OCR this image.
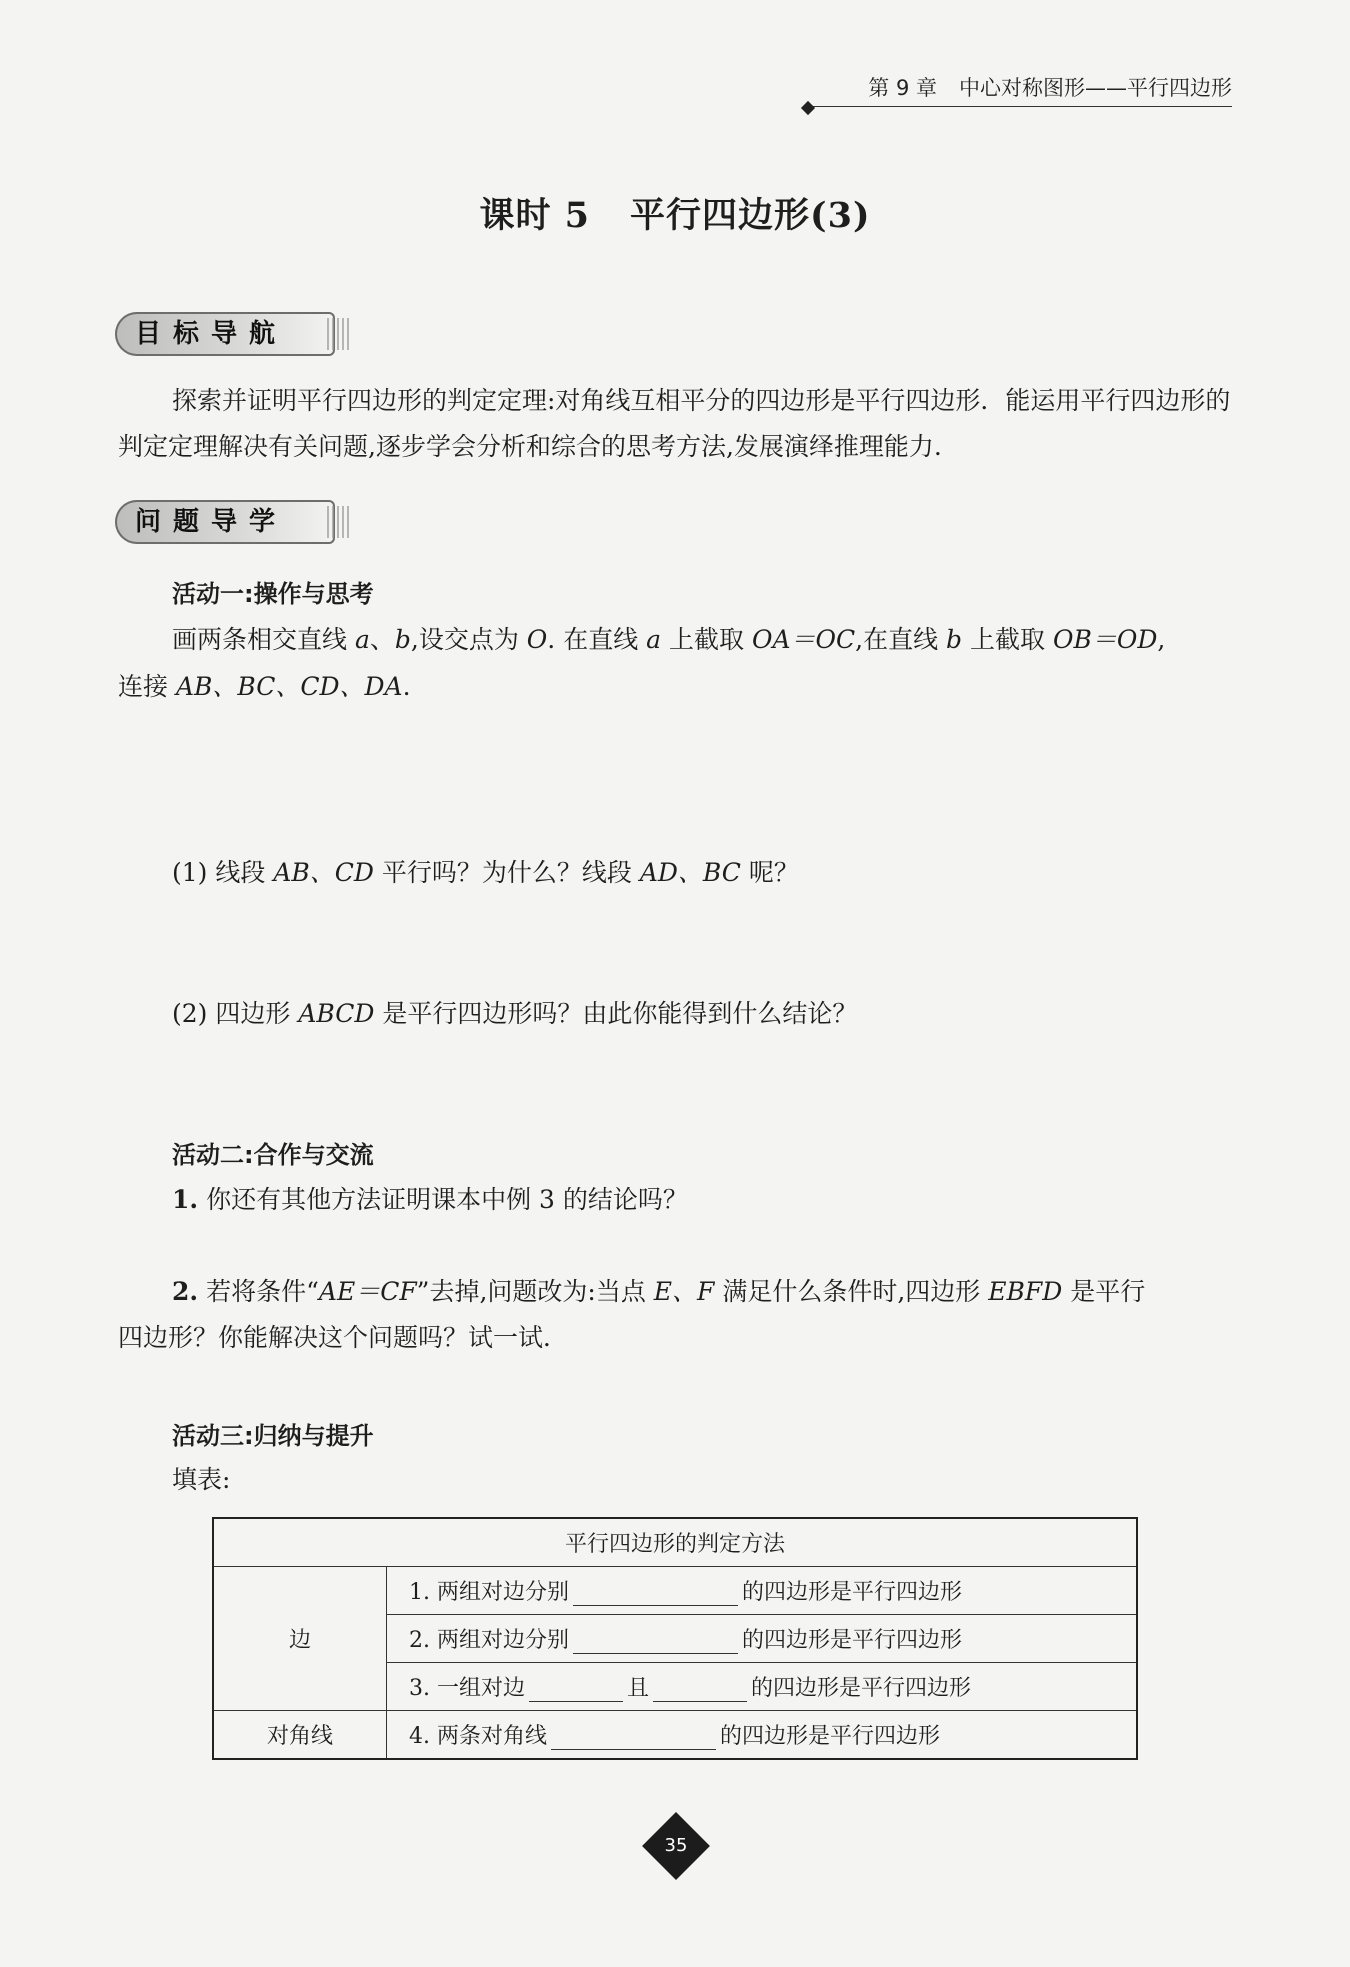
第 9 章 中心对称图形——平行四边形
课时 5 平行四边形(3)
目标导航

探索并证明平行四边形的判定定理:对角线互相平分的四边形是平行四边形．能运用平行四边形的判定定理解决有关问题,逐步学会分析和综合的思考方法,发展演绎推理能力.

问题导学
活动一:操作与思考
画两条相交直线 a、b,设交点为 O. 在直线 a 上截取 OA＝OC,在直线 b 上截取 OB＝OD,
连接 AB、BC、CD、DA.
(1) 线段 AB、CD 平行吗？为什么？线段 AD、BC 呢？
(2) 四边形 ABCD 是平行四边形吗？由此你能得到什么结论？
活动二:合作与交流
1. 你还有其他方法证明课本中例 3 的结论吗？
2. 若将条件“AE＝CF”去掉,问题改为:当点 E、F 满足什么条件时,四边形 EBFD 是平行
四边形？你能解决这个问题吗？试一试．
活动三:归纳与提升
填表:
平行四边形的判定方法	
边	1. 两组对边分别 的四边形是平行四边形
	2. 两组对边分别 的四边形是平行四边形
	3. 一组对边 且 的四边形是平行四边形
对角线	4. 两条对角线 的四边形是平行四边形
35
